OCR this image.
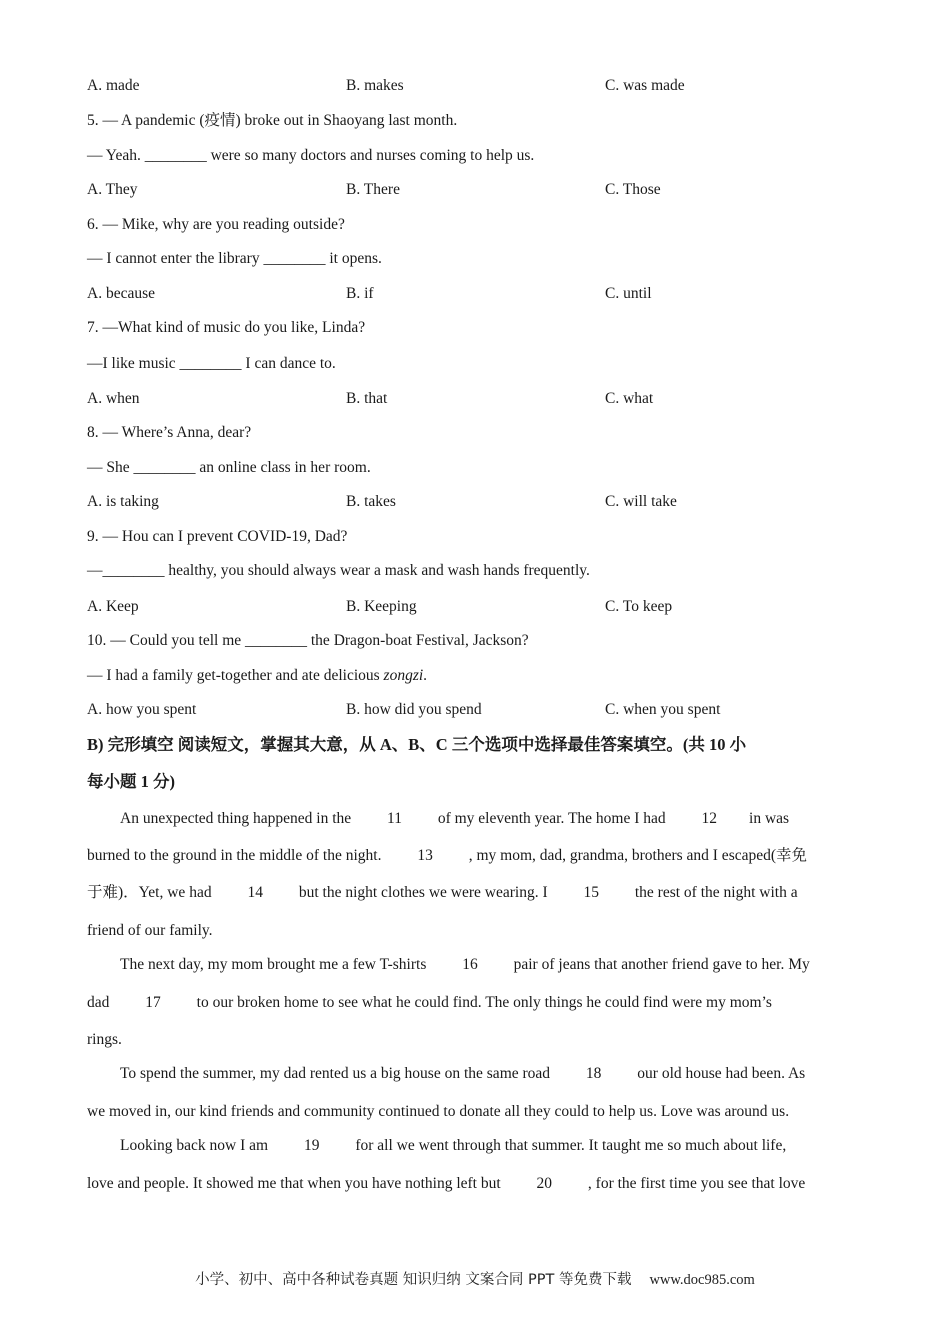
A. made	B. makes	C. was made
5. — A pandemic (疫情) broke out in Shaoyang last month.
— Yeah. ________ were so many doctors and nurses coming to help us.
A. They	B. There	C. Those
6. — Mike, why are you reading outside?
— I cannot enter the library ________ it opens.
A. because	B. if	C. until
7. —What kind of music do you like, Linda?
—I like music ________ I can dance to.
A. when	B. that	C. what
8. — Where’s Anna, dear?
— She ________ an online class in her room.
A. is taking	B. takes	C. will take
9. — Hou can I prevent COVID-19, Dad?
—________ healthy, you should always wear a mask and wash hands frequently.
A. Keep	B. Keeping	C. To keep
10. — Could you tell me ________ the Dragon-boat Festival, Jackson?
— I had a family get-together and ate delicious zongzi.
A. how you spent	B. how did you spend	C. when you spent
B) 完形填空 阅读短文，掌握其大意，从 A、B、C 三个选项中选择最佳答案填空。(共 10 小
每小题 1 分)
An unexpected thing happened in the 11 of my eleventh year. The home I had 12 in was
burned to the ground in the middle of the night. 13 , my mom, dad, grandma, brothers and I escaped(幸免
于难)．Yet, we had 14 but the night clothes we were wearing. I 15 the rest of the night with a
friend of our family.
The next day, my mom brought me a few T-shirts 16 pair of jeans that another friend gave to her. My
dad 17 to our broken home to see what he could find. The only things he could find were my mom’s
rings.
To spend the summer, my dad rented us a big house on the same road 18 our old house had been. As
we moved in, our kind friends and community continued to donate all they could to help us. Love was around us.
Looking back now I am 19 for all we went through that summer. It taught me so much about life,
love and people. It showed me that when you have nothing left but 20 , for the first time you see that love
小学、初中、高中各种试卷真题 知识归纳 文案合同 PPT 等免费下载 www.doc985.com
